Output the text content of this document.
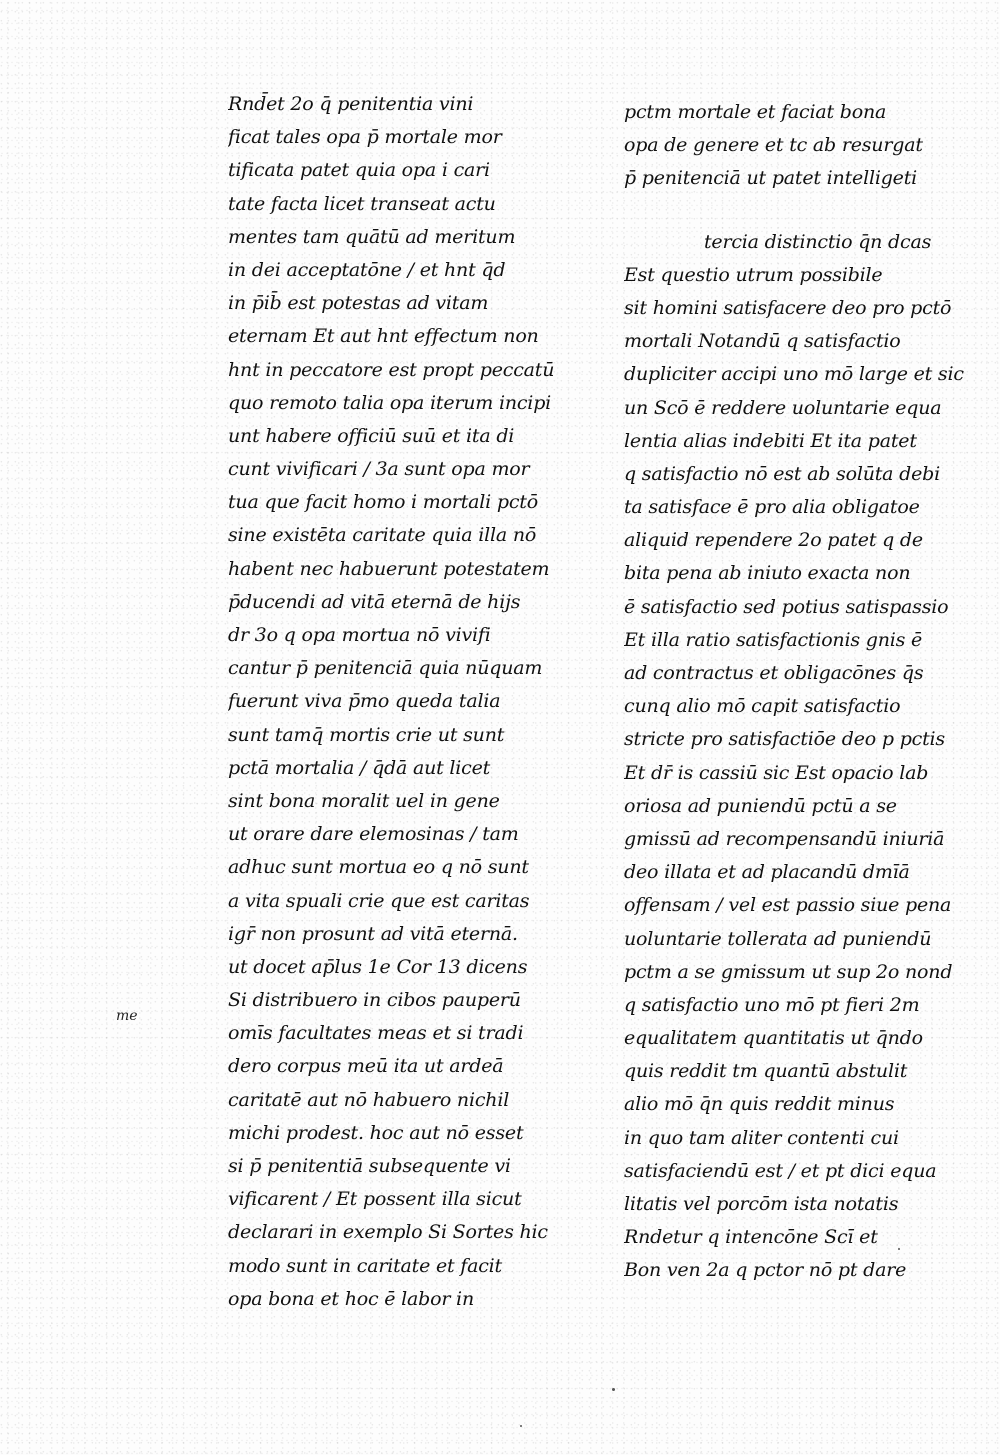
Rnd̄et 2o q̄ penitentia vini
ficat tales opa p̄ mortale mor
tificata patet quia opa i cari
tate facta licet transeat actu
mentes tam quātū ad meritum
in dei acceptatōne / et hnt q̄d
in p̄ib̄ est potestas ad vitam
eternam Et aut hnt effectum non
hnt in peccatore est propt peccatū
quo remoto talia opa iterum incipi
unt habere officiū suū et ita di
cunt vivificari / 3a sunt opa mor
tua que facit homo i mortali pctō
sine existēta caritate quia illa nō
habent nec habuerunt potestatem
p̄ducendi ad vitā eternā de hijs
dr 3o q opa mortua nō vivifi
cantur p̄ penitenciā quia nūquam
fuerunt viva p̄mo queda talia
sunt tamq̄ mortis crie ut sunt
pctā mortalia / q̄dā aut licet
sint bona moralit uel in gene
ut orare dare elemosinas / tam
adhuc sunt mortua eo q nō sunt
a vita spuali crie que est caritas
igr̄ non prosunt ad vitā eternā.
ut docet ap̄lus 1e Cor 13 dicens
Si distribuero in cibos pauperū
omīs facultates meas et si tradi
dero corpus meū ita ut ardeā
caritatē aut nō habuero nichil
michi prodest. hoc aut nō esset
si p̄ penitentiā subsequente vi
vificarent / Et possent illa sicut
declarari in exemplo Si Sortes hic
modo sunt in caritate et facit
opa bona et hoc ē labor in
pctm mortale et faciat bona
opa de genere et tc ab resurgat
p̄ penitenciā ut patet intelligeti
tercia distinctio q̄n dcas
Est questio utrum possibile
sit homini satisfacere deo pro pctō
mortali Notandū q satisfactio
dupliciter accipi uno mō large et sic
un Scō ē reddere uoluntarie equa
lentia alias indebiti Et ita patet
q satisfactio nō est ab solūta debi
ta satisface ē pro alia obligatoe
aliquid rependere 2o patet q de
bita pena ab iniuto exacta non
ē satisfactio sed potius satispassio
Et illa ratio satisfactionis gnis ē
ad contractus et obligacōnes q̄s
cunq alio mō capit satisfactio
stricte pro satisfactiōe deo p pctis
Et dr̄ is cassiū sic Est opacio lab
oriosa ad puniendū pctū a se
gmissū ad recompensandū iniuriā
deo illata et ad placandū dmīā
offensam / vel est passio siue pena
uoluntarie tollerata ad puniendū
pctm a se gmissum ut sup 2o nond
q satisfactio uno mō pt fieri 2m
equalitatem quantitatis ut q̄ndo
quis reddit tm quantū abstulit
alio mō q̄n quis reddit minus
in quo tam aliter contenti cui
satisfaciendū est / et pt dici equa
litatis vel porcōm ista notatis
Rndetur q intencōne Scī et
Bon ven 2a q pctor nō pt dare
me
